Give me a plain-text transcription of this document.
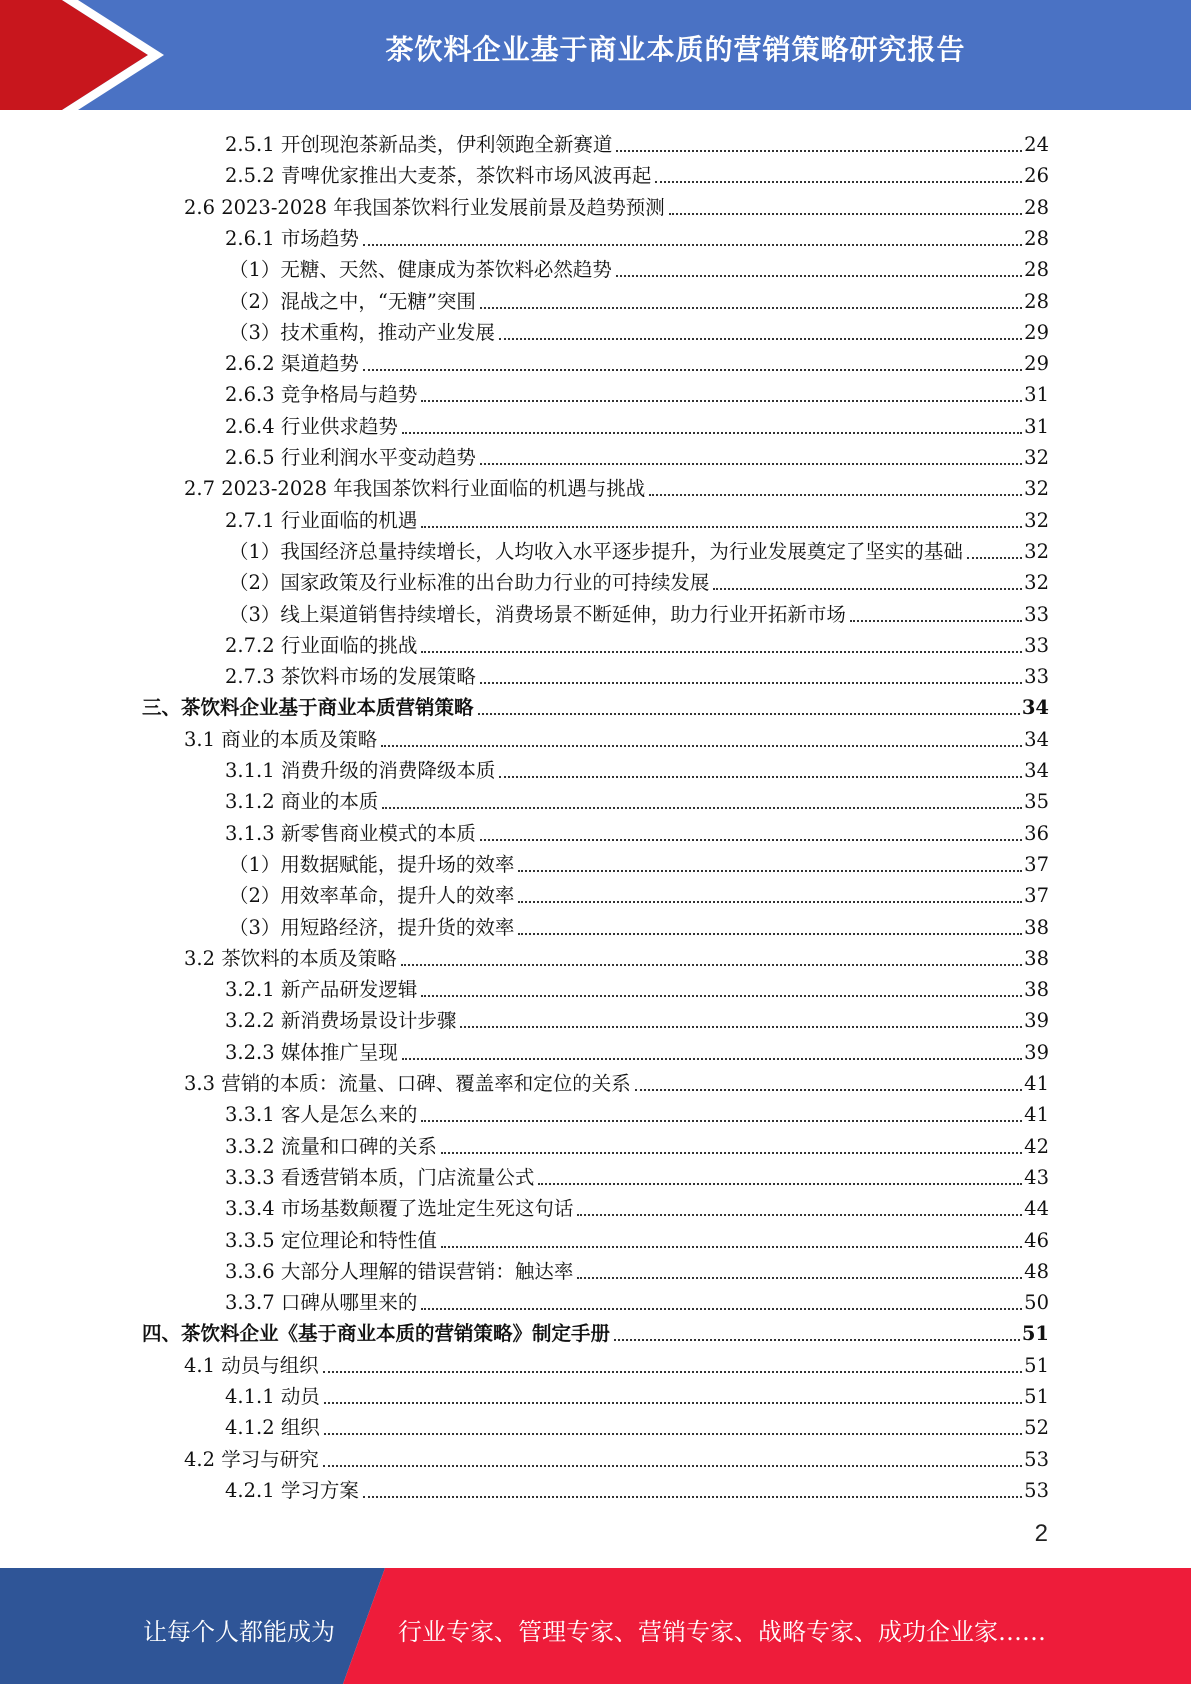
茶饮料企业基于商业本质的营销策略研究报告
2.5.1 开创现泡茶新品类，伊利领跑全新赛道	24
2.5.2 青啤优家推出大麦茶，茶饮料市场风波再起	26
2.6 2023-2028 年我国茶饮料行业发展前景及趋势预测	28
2.6.1 市场趋势	28
（1）无糖、天然、健康成为茶饮料必然趋势	28
（2）混战之中，“无糖”突围	28
（3）技术重构，推动产业发展	29
2.6.2 渠道趋势	29
2.6.3 竞争格局与趋势	31
2.6.4 行业供求趋势	31
2.6.5 行业利润水平变动趋势	32
2.7 2023-2028 年我国茶饮料行业面临的机遇与挑战	32
2.7.1 行业面临的机遇	32
（1）我国经济总量持续增长，人均收入水平逐步提升，为行业发展奠定了坚实的基础	32
（2）国家政策及行业标准的出台助力行业的可持续发展	32
（3）线上渠道销售持续增长，消费场景不断延伸，助力行业开拓新市场	33
2.7.2 行业面临的挑战	33
2.7.3 茶饮料市场的发展策略	33
三、茶饮料企业基于商业本质营销策略	34
3.1 商业的本质及策略	34
3.1.1 消费升级的消费降级本质	34
3.1.2 商业的本质	35
3.1.3 新零售商业模式的本质	36
（1）用数据赋能，提升场的效率	37
（2）用效率革命，提升人的效率	37
（3）用短路经济，提升货的效率	38
3.2 茶饮料的本质及策略	38
3.2.1 新产品研发逻辑	38
3.2.2 新消费场景设计步骤	39
3.2.3 媒体推广呈现	39
3.3 营销的本质：流量、口碑、覆盖率和定位的关系	41
3.3.1 客人是怎么来的	41
3.3.2 流量和口碑的关系	42
3.3.3 看透营销本质，门店流量公式	43
3.3.4 市场基数颠覆了选址定生死这句话	44
3.3.5 定位理论和特性值	46
3.3.6 大部分人理解的错误营销：触达率	48
3.3.7 口碑从哪里来的	50
四、茶饮料企业《基于商业本质的营销策略》制定手册	51
4.1 动员与组织	51
4.1.1 动员	51
4.1.2 组织	52
4.2 学习与研究	53
4.2.1 学习方案	53
2
让每个人都能成为	行业专家、管理专家、营销专家、战略专家、成功企业家……
